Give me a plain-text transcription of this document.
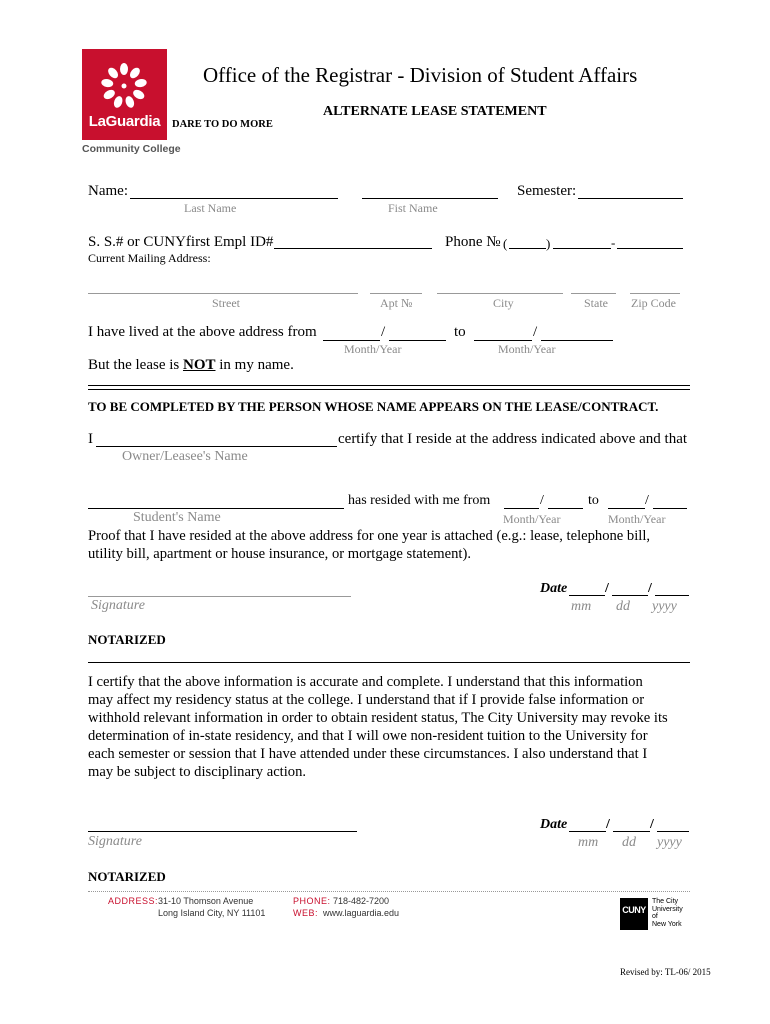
LaGuardia
Community College
DARE TO DO MORE
Office of the Registrar - Division of Student Affairs
ALTERNATE LEASE STATEMENT
Name:	Semester:
Last Name	Fist Name
S. S.# or CUNYfirst Empl ID#	Phone № (	)	-
Current Mailing Address:
Street	Apt №	City	State Zip Code
I have lived at the above address from	/	to	/
Month/Year	Month/Year
But the lease is NOT in my name.
TO BE COMPLETED BY THE PERSON WHOSE NAME APPEARS ON THE LEASE/CONTRACT.
I	certify that I reside at the address indicated above and that
Owner/Leasee's Name
has resided with me from	/	to	/
Student's Name	Month/Year	Month/Year
Proof that I have resided at the above address for one year is attached (e.g.: lease, telephone bill,
utility bill, apartment or house insurance, or mortgage statement).
Signature
Date	/	/
mm dd yyyy
NOTARIZED
I certify that the above information is accurate and complete. I understand that this information
may affect my residency status at the college. I understand that if I provide false information or
withhold relevant information in order to obtain resident status, The City University may revoke its
determination of in-state residency, and that I will owe non-resident tuition to the University for
each semester or session that I have attended under these circumstances. I also understand that I
may be subject to disciplinary action.
Signature
Date	/	/
mm dd yyyy
NOTARIZED
ADDRESS: 31-10 Thomson Avenue
Long Island City, NY 11101
PHONE: 718-482-7200
WEB: www.laguardia.edu	CUNY
The City
University
of
New York
Revised by: TL-06/ 2015
